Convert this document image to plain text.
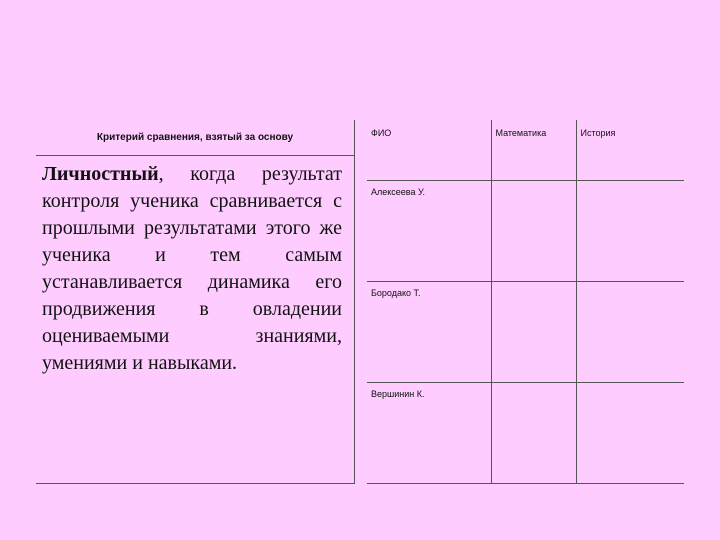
Критерий сравнения, взятый за основу
Личностный, когда результат контроля ученика сравнивается с прошлыми результатами этого же ученика и тем самым устанавливается динамика его продвижения в овладении оцениваемыми знаниями, умениями и навыками.
ФИО	Математика	История
Алексеева У.		
Бородако Т.		
Вершинин К.		
